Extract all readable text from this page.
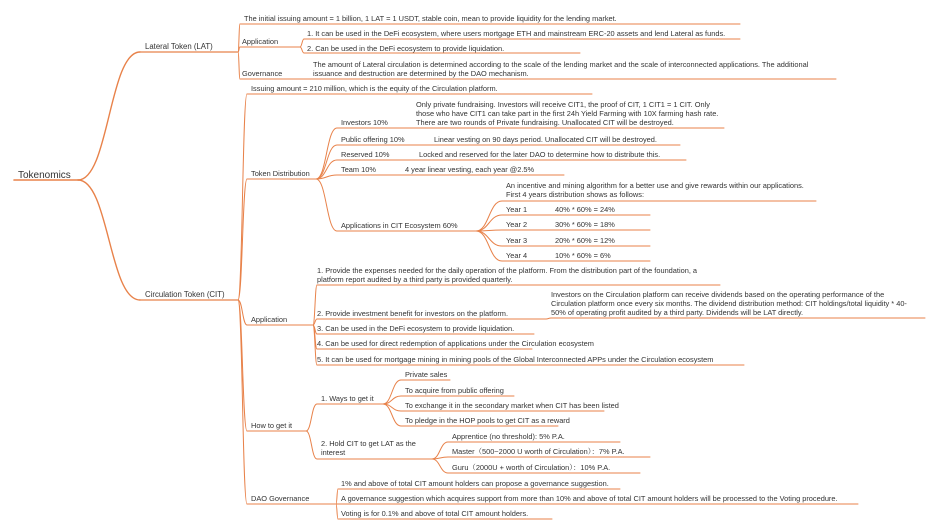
Tokenomics
Lateral Token (LAT)
The initial issuing amount = 1 billion, 1 LAT = 1 USDT, stable coin, mean to provide liquidity for the lending market.
Application
1. It can be used in the DeFi ecosystem, where users mortgage ETH and mainstream ERC-20 assets and lend Lateral as funds.
2. Can be used in the DeFi ecosystem to provide liquidation.
Governance
The amount of Lateral circulation is determined according to the scale of the lending market and the scale of interconnected applications. The additional issuance and destruction are determined by the DAO mechanism.
Circulation Token (CIT)
Issuing amount = 210 million, which is the equity of the Circulation platform.
Token Distribution
Investors 10%
Only private fundraising. Investors will receive CIT1, the proof of CIT, 1 CIT1 = 1 CIT. Only those who have CIT1 can take part in the first 24h Yield Farming with 10X farming hash rate. There are two rounds of Private fundraising. Unallocated CIT will be destroyed.
Public offering 10%	Linear vesting on 90 days period. Unallocated CIT will be destroyed.
Reserved 10%	Locked and reserved for the later DAO to determine how to distribute this.
Team 10%	4 year linear vesting, each year @2.5%
Applications in CIT Ecosystem 60%
An incentive and mining algorithm for a better use and give rewards within our applications. First 4 years distribution shows as follows:
Year 1	40% * 60% = 24%
Year 2	30% * 60% = 18%
Year 3	20% * 60% = 12%
Year 4	10% * 60% = 6%
Application
1. Provide the expenses needed for the daily operation of the platform. From the distribution part of the foundation, a platform report audited by a third party is provided quarterly.
2. Provide investment benefit for investors on the platform.
Investors on the Circulation platform can receive dividends based on the operating performance of the Circulation platform once every six months. The dividend distribution method: CIT holdings/total liquidity * 40-50% of operating profit audited by a third party. Dividends will be LAT directly.
3. Can be used in the DeFi ecosystem to provide liquidation.
4. Can be used for direct redemption of applications under the Circulation ecosystem
5. It can be used for mortgage mining in mining pools of the Global Interconnected APPs under the Circulation ecosystem
How to get it
1. Ways to get it
Private sales
To acquire from public offering
To exchange it in the secondary market when CIT has been listed
To pledge in the HOP pools to get CIT as a reward
2. Hold CIT to get LAT as the interest
Apprentice (no threshold): 5% P.A.
Master（500~2000 U worth of Circulation）：7% P.A.
Guru（2000U + worth of Circulation）：10% P.A.
DAO Governance
1% and above of total CIT amount holders can propose a governance suggestion.
A governance suggestion which acquires support from more than 10% and above of total CIT amount holders will be processed to the Voting procedure.
Voting is for 0.1% and above of total CIT amount holders.
